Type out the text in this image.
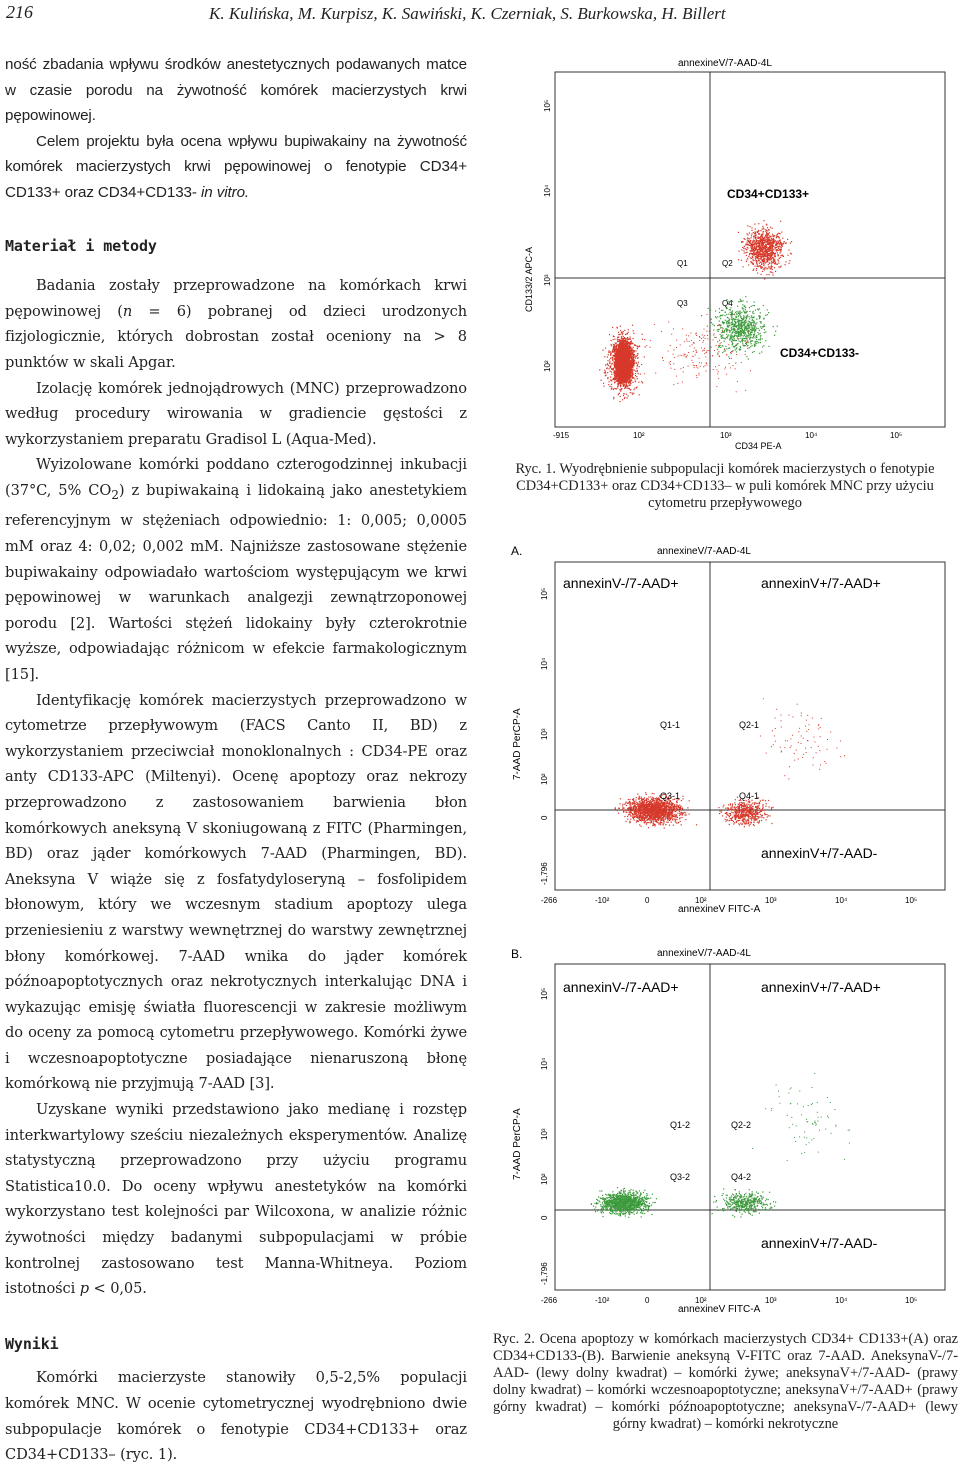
216	K. Kulińska, M. Kurpisz, K. Sawiński, K. Czerniak, S. Burkowska, H. Billert

ność zbadania wpływu środków anestetycznych podawanych matce w czasie porodu na żywotność komórek macierzystych krwi pępowinowej.

Celem projektu była ocena wpływu bupiwakainy na żywotność komórek macierzystych krwi pępowinowej o fenotypie CD34+ CD133+ oraz CD34+CD133- in vitro.

Materiał i metody

Badania zostały przeprowadzone na komórkach krwi pępowinowej (n = 6) pobranej od dzieci urodzonych fizjologicznie, których dobrostan został oceniony na > 8 punktów w skali Apgar.

Izolację komórek jednojądrowych (MNC) przeprowadzono według procedury wirowania w gradiencie gęstości z wykorzystaniem preparatu Gradisol L (Aqua-Med).

Wyizolowane komórki poddano czterogodzinnej inkubacji (37°C, 5% $CO_2$) z bupiwakainą i lidokainą jako anestetykiem referencyjnym w stężeniach odpowiednio: 1: 0,005; 0,0005 mM oraz 4: 0,02; 0,002 mM. Najniższe zastosowane stężenie bupiwakainy odpowiadało wartościom występującym we krwi pępowinowej w warunkach analgezji zewnątrzoponowej porodu [2]. Wartości stężeń lidokainy były czterokrotnie wyższe, odpowiadając różnicom w efekcie farmakologicznym [15].

Identyfikację komórek macierzystych przeprowadzono w cytometrze przepływowym (FACS Canto II, BD) z wykorzystaniem przeciwciał monoklonalnych : CD34-PE oraz anty CD133-APC (Miltenyi). Ocenę apoptozy oraz nekrozy przeprowadzono z zastosowaniem barwienia błon komórkowych aneksyną V skoniugowaną z FITC (Pharmingen, BD) oraz jąder komórkowych 7-AAD (Pharmingen, BD). Aneksyna V wiąże się z fosfatydyloseryną – fosfolipidem błonowym, który we wczesnym stadium apoptozy ulega przeniesieniu z warstwy wewnętrznej do warstwy zewnętrznej błony komórkowej. 7-AAD wnika do jąder komórek późnoapoptotycznych oraz nekrotycznych interkalując DNA i wykazując emisję światła fluorescencji w zakresie możliwym do oceny za pomocą cytometru przepływowego. Komórki żywe i wczesnoapoptotyczne posiadające nienaruszoną błonę komórkową nie przyjmują 7-AAD [3].

Uzyskane wyniki przedstawiono jako medianę i rozstęp interkwartylowy sześciu niezależnych eksperymentów. Analizę statystyczną przeprowadzono przy użyciu programu Statistica10.0. Do oceny wpływu anestetyków na komórki wykorzystano test kolejności par Wilcoxona, w analizie różnic żywotności między badanymi subpopulacjami w próbie kontrolnej zastosowano test Manna-Whitneya. Poziom istotności p < 0,05.

Wyniki

Komórki macierzyste stanowiły 0,5-2,5% populacji komórek MNC. W ocenie cytometrycznej wyodrębniono dwie subpopulacje komórek o fenotypie CD34+CD133+ oraz CD34+CD133– (ryc. 1).

annexineV/7-AAD-4L
CD133/2 APC-A
CD34 PE-A
10⁵
10⁴
10³
10²
-915	10²	10³	10⁴	10⁵
Q1	Q2
Q3	Q4
CD34+CD133+
CD34+CD133-
Ryc. 1. Wyodrębnienie subpopulacji komórek macierzystych o fenotypie CD34+CD133+ oraz CD34+CD133– w puli komórek MNC przy użyciu cytometru przepływowego
A.	annexineV/7-AAD-4L
7-AAD PerCP-A
annexineV FITC-A
10⁵
10⁴
10³
10²
0
-1,796
-266	-10²	0	10²	10³	10⁴	10⁵
Q1-1	Q2-1
Q3-1	Q4-1
annexinV-/7-AAD+	annexinV+/7-AAD+
annexinV+/7-AAD-
B.	annexineV/7-AAD-4L
7-AAD PerCP-A
annexineV FITC-A
10⁵
10⁴
10³
10²
0
-1,796
-266	-10²	0	10²	10³	10⁴	10⁵
Q1-2	Q2-2
Q3-2	Q4-2
annexinV-/7-AAD+	annexinV+/7-AAD+
annexinV+/7-AAD-
Ryc. 2. Ocena apoptozy w komórkach macierzystych CD34+ CD133+(A) oraz CD34+CD133-(B). Barwienie aneksyną V-FITC oraz 7-AAD. AneksynaV-/7-AAD- (lewy dolny kwadrat) – komórki żywe; aneksynaV+/7-AAD- (prawy dolny kwadrat) – komórki wczesnoapoptotyczne; aneksynaV+/7-AAD+ (prawy górny kwadrat) – komórki późnoapoptotyczne; aneksynaV-/7-AAD+ (lewy górny kwadrat) – komórki nekrotyczne
